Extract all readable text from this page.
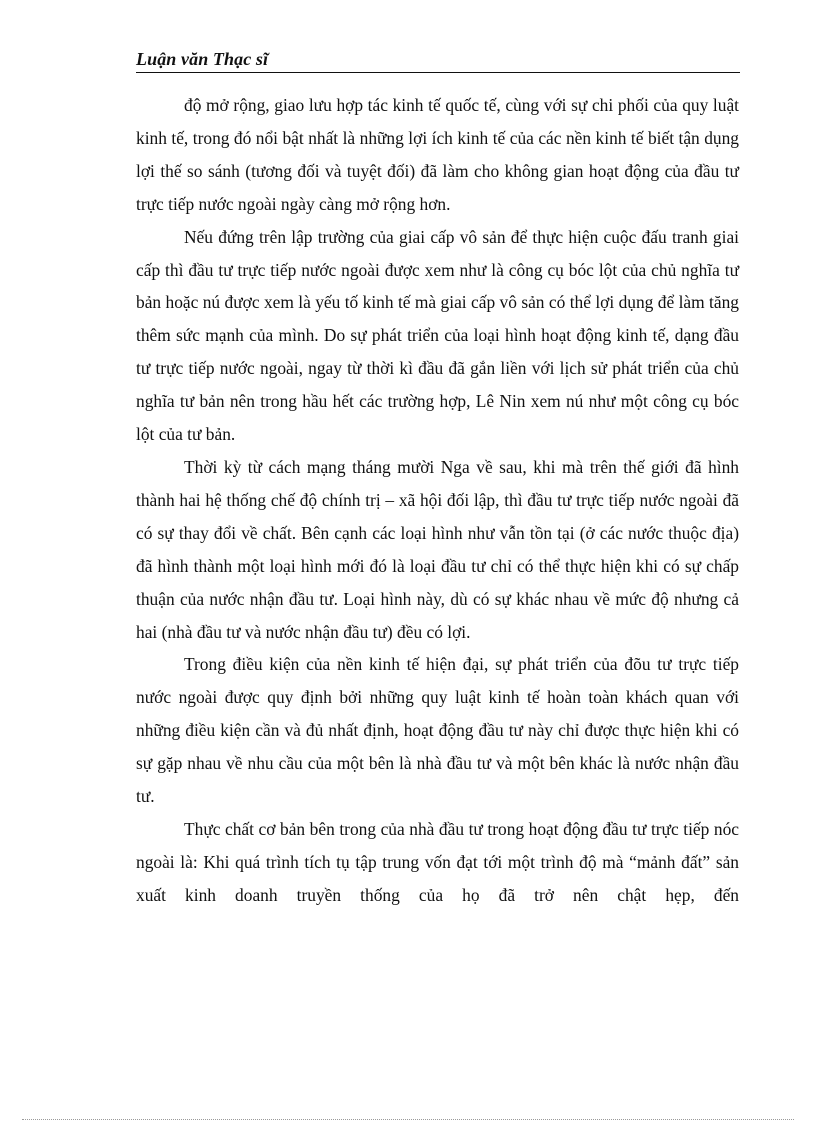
Luận văn Thạc sĩ

độ mở rộng, giao lưu hợp tác kinh tế quốc tế, cùng với sự chi phối của quy luật kinh tế, trong đó nổi bật nhất là những lợi ích kinh tế của các nền kinh tế biết tận dụng lợi thế so sánh (tương đối và tuyệt đối) đã làm cho không gian hoạt động của đầu tư trực tiếp nước ngoài ngày càng mở rộng hơn.

Nếu đứng trên lập trường của giai cấp vô sản để thực hiện cuộc đấu tranh giai cấp thì đầu tư trực tiếp nước ngoài được xem như là công cụ bóc lột của chủ nghĩa tư bản hoặc nú được xem là yếu tố kinh tế mà giai cấp vô sản có thể lợi dụng để làm tăng thêm sức mạnh của mình. Do sự phát triển của loại hình hoạt động kinh tế, dạng đầu tư trực tiếp nước ngoài, ngay từ thời kì đầu đã gắn liền với lịch sử phát triển của chủ nghĩa tư bản nên trong hầu hết các trường hợp, Lê Nin xem nú như một công cụ bóc lột của tư bản.

Thời kỳ từ cách mạng tháng mười Nga về sau, khi mà trên thế giới đã hình thành hai hệ thống chế độ chính trị – xã hội đối lập, thì đầu tư trực tiếp nước ngoài đã có sự thay đổi về chất. Bên cạnh các loại hình như vẫn tồn tại (ở các nước thuộc địa) đã hình thành một loại hình mới đó là loại đầu tư chỉ có thể thực hiện khi có sự chấp thuận của nước nhận đầu tư. Loại hình này, dù có sự khác nhau về mức độ nhưng cả hai (nhà đầu tư và nước nhận đầu tư) đều có lợi.

Trong điều kiện của nền kinh tế hiện đại, sự phát triển của đõu tư trực tiếp nước ngoài được quy định bởi những quy luật kinh tế hoàn toàn khách quan với những điều kiện cần và đủ nhất định, hoạt động đầu tư này chỉ được thực hiện khi có sự gặp nhau về nhu cầu của một bên là nhà đầu tư và một bên khác là nước nhận đầu tư.

Thực chất cơ bản bên trong của nhà đầu tư trong hoạt động đầu tư trực tiếp nóc ngoài là: Khi quá trình tích tụ tập trung vốn đạt tới một trình độ mà “mảnh đất” sản xuất kinh doanh truyền thống của họ đã trở nên chật hẹp, đến
